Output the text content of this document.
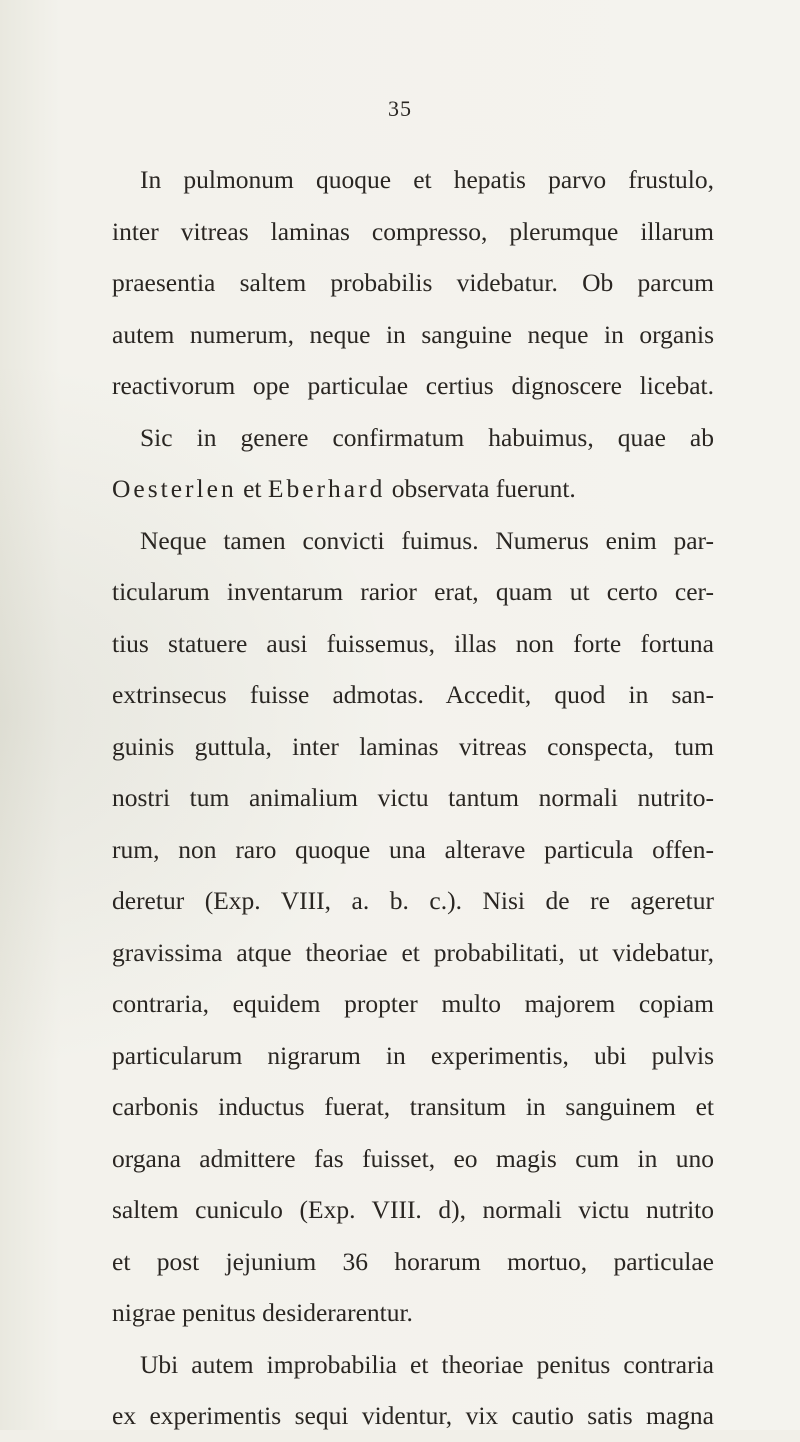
35
In pulmonum quoque et hepatis parvo frustulo,
inter vitreas laminas compresso, plerumque illarum
praesentia saltem probabilis videbatur. Ob parcum
autem numerum, neque in sanguine neque in organis
reactivorum ope particulae certius dignoscere licebat.
Sic in genere confirmatum habuimus, quae ab
Oesterlen et Eberhard observata fuerunt.
Neque tamen convicti fuimus. Numerus enim par-
ticularum inventarum rarior erat, quam ut certo cer-
tius statuere ausi fuissemus, illas non forte fortuna
extrinsecus fuisse admotas. Accedit, quod in san-
guinis guttula, inter laminas vitreas conspecta, tum
nostri tum animalium victu tantum normali nutrito-
rum, non raro quoque una alterave particula offen-
deretur (Exp. VIII, a. b. c.). Nisi de re ageretur
gravissima atque theoriae et probabilitati, ut videbatur,
contraria, equidem propter multo majorem copiam
particularum nigrarum in experimentis, ubi pulvis
carbonis inductus fuerat, transitum in sanguinem et
organa admittere fas fuisset, eo magis cum in uno
saltem cuniculo (Exp. VIII. d), normali victu nutrito
et post jejunium 36 horarum mortuo, particulae
nigrae penitus desiderarentur.
Ubi autem improbabilia et theoriae penitus contraria
ex experimentis sequi videntur, vix cautio satis magna
